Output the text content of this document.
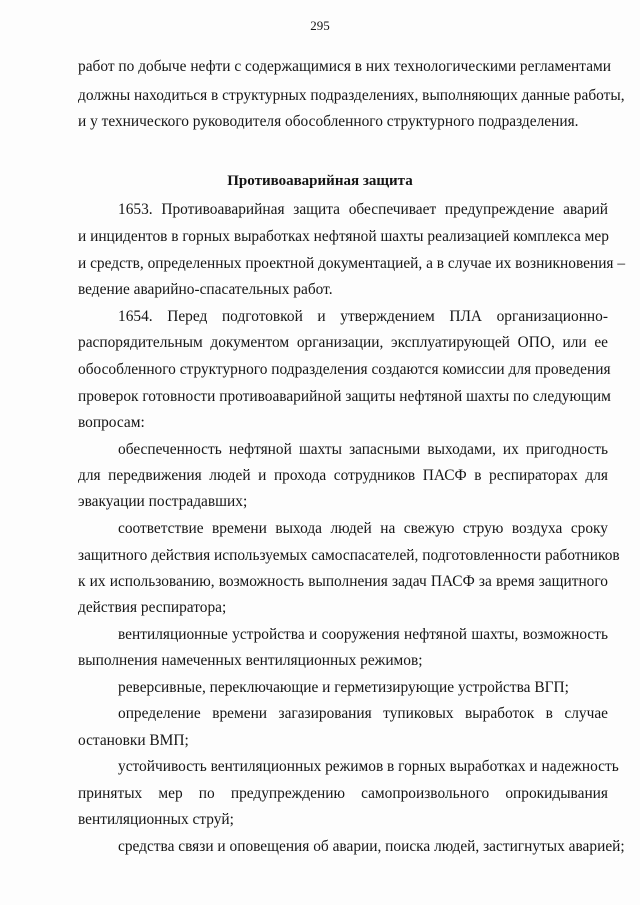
295
работ по добыче нефти с содержащимися в них технологическими регламентами
должны находиться в структурных подразделениях, выполняющих данные работы,
и у технического руководителя обособленного структурного подразделения.
Противоаварийная защита
1653. Противоаварийная защита обеспечивает предупреждение аварий
и инцидентов в горных выработках нефтяной шахты реализацией комплекса мер
и средств, определенных проектной документацией, а в случае их возникновения –
ведение аварийно-спасательных работ.
1654. Перед подготовкой и утверждением ПЛА организационно-
распорядительным документом организации, эксплуатирующей ОПО, или ее
обособленного структурного подразделения создаются комиссии для проведения
проверок готовности противоаварийной защиты нефтяной шахты по следующим
вопросам:
обеспеченность нефтяной шахты запасными выходами, их пригодность
для передвижения людей и прохода сотрудников ПАСФ в респираторах для
эвакуации пострадавших;
соответствие времени выхода людей на свежую струю воздуха сроку
защитного действия используемых самоспасателей, подготовленности работников
к их использованию, возможность выполнения задач ПАСФ за время защитного
действия респиратора;
вентиляционные устройства и сооружения нефтяной шахты, возможность
выполнения намеченных вентиляционных режимов;
реверсивные, переключающие и герметизирующие устройства ВГП;
определение времени загазирования тупиковых выработок в случае
остановки ВМП;
устойчивость вентиляционных режимов в горных выработках и надежность
принятых мер по предупреждению самопроизвольного опрокидывания
вентиляционных струй;
средства связи и оповещения об аварии, поиска людей, застигнутых аварией;
